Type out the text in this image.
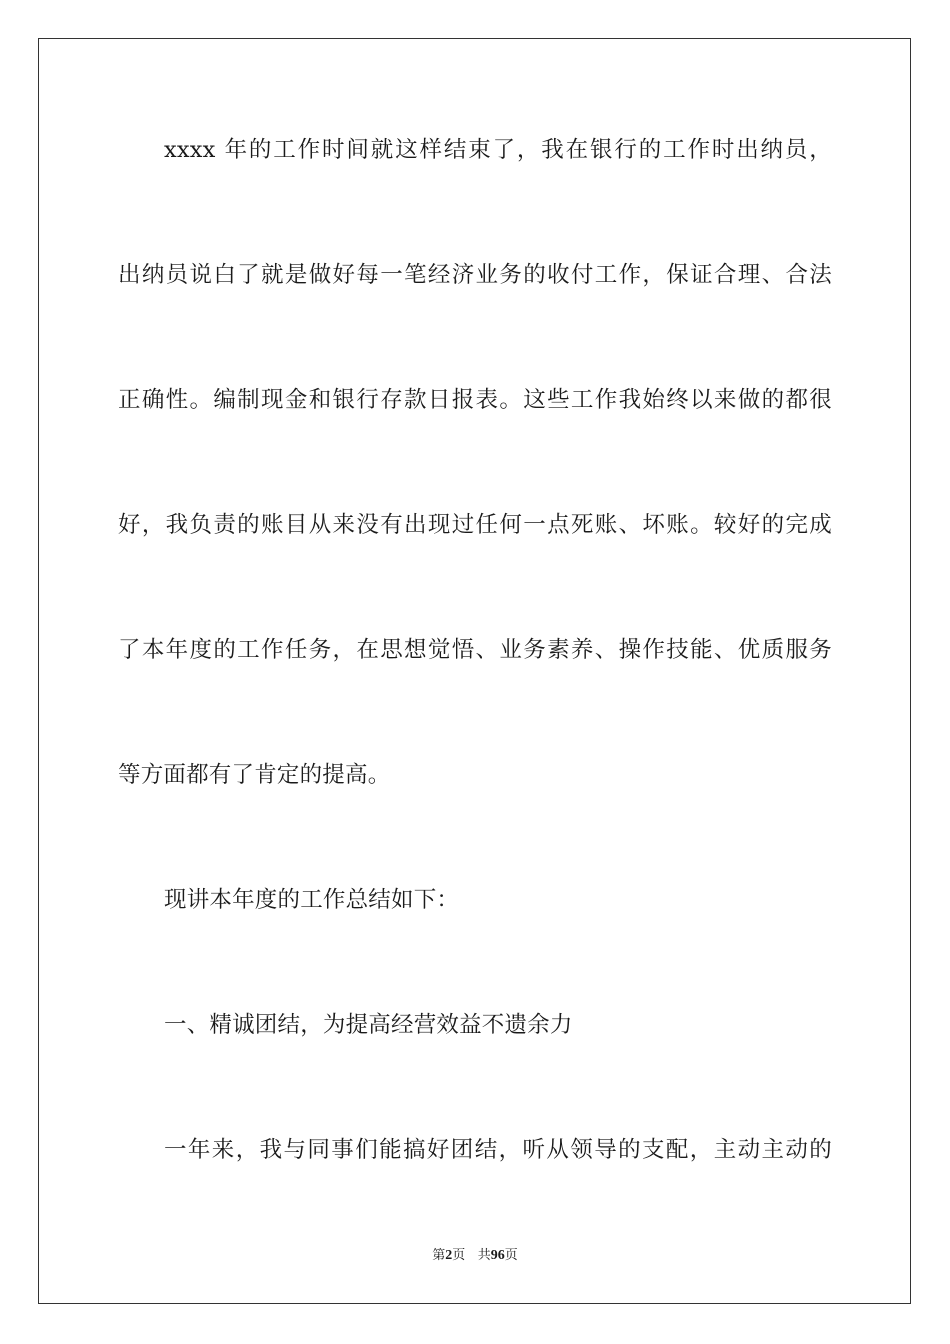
xxxx 年的工作时间就这样结束了，我在银行的工作时出纳员，
出纳员说白了就是做好每一笔经济业务的收付工作，保证合理、合法
正确性。编制现金和银行存款日报表。这些工作我始终以来做的都很
好，我负责的账目从来没有出现过任何一点死账、坏账。较好的完成
了本年度的工作任务，在思想觉悟、业务素养、操作技能、优质服务
等方面都有了肯定的提高。
现讲本年度的工作总结如下：
一、精诚团结，为提高经营效益不遗余力
一年来，我与同事们能搞好团结，听从领导的支配，主动主动的
第2页 共96页
